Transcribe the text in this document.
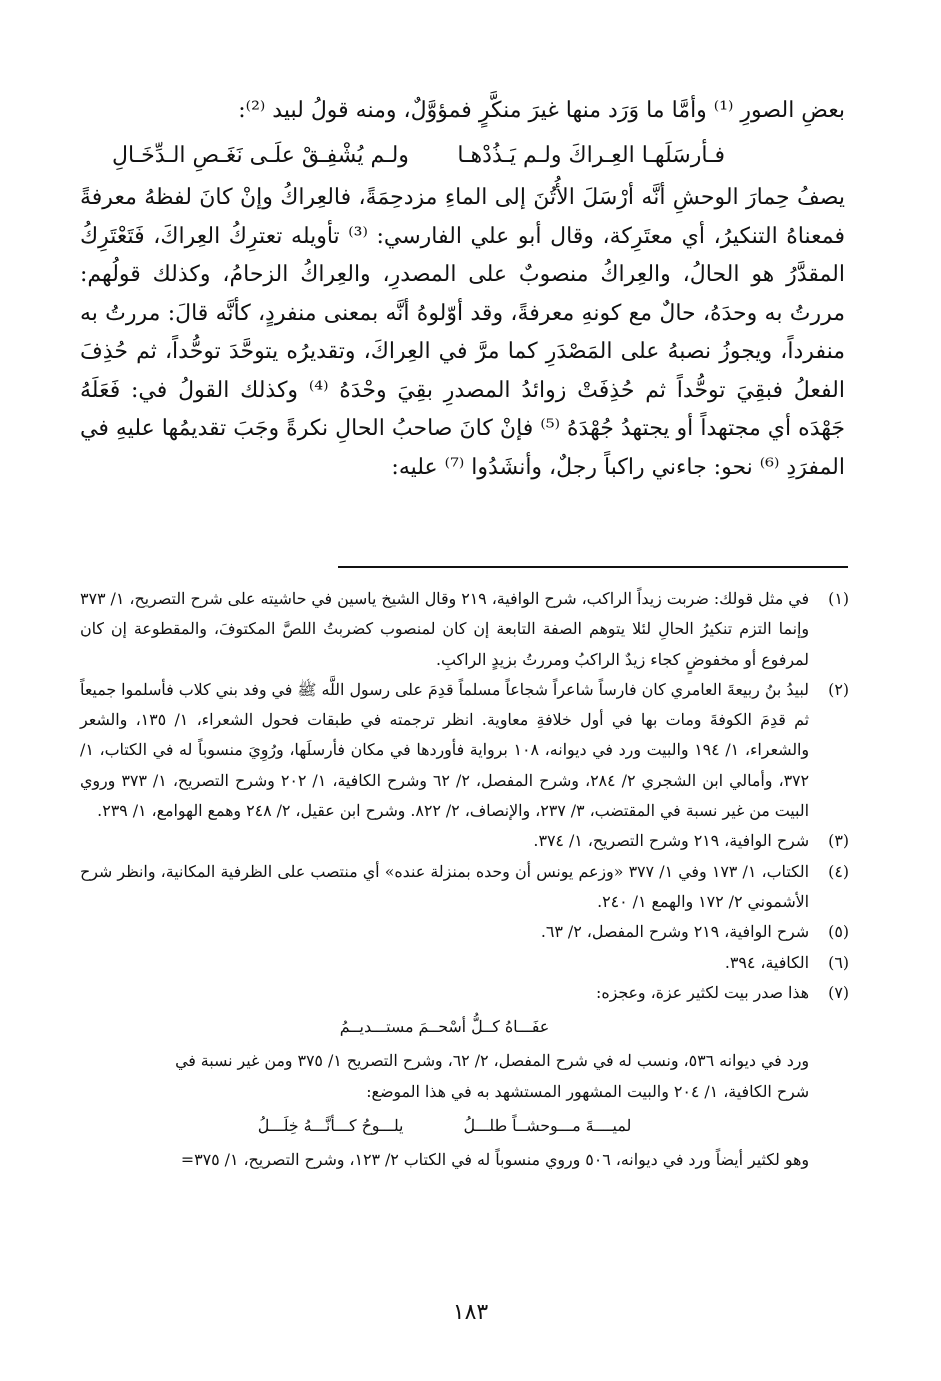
بعضِ الصورِ ⁽¹⁾ وأمَّا ما وَرَد منها غيرَ منكَّرٍ فمؤوَّلٌ، ومنه قولُ لبيد ⁽²⁾:

فـأرسَلَهـا العِـراكَ ولـم يَـذُدْهـا
ولـم يُشْفِـقْ علَـى نَغَـصِ الـدِّخَـالِ

يصفُ حِمارَ الوحشِ أنَّه أرْسَلَ الأُتُنَ إلى الماءِ مزدحِمَةً، فالعِراكُ وإنْ كانَ لفظهُ معرفةً فمعناهُ التنكيرُ، أي معتَرِكة، وقال أبو علي الفارسي: ⁽³⁾ تأويله تعترِكُ العِراكَ، فَتَعْتَرِكُ المقدَّرُ هو الحالُ، والعِراكُ منصوبٌ على المصدرِ، والعِراكُ الزحامُ، وكذلك قولُهم: مررتُ به وحدَهُ، حالٌ مع كونهِ معرفةً، وقد أوّلوهُ أنَّه بمعنى منفردٍ، كأنَّه قالَ: مررتُ به منفرداً، ويجوزُ نصبهُ على المَصْدَرِ كما مرَّ في العِراكَ، وتقديرُه يتوحَّدَ توحُّداً، ثم حُذِفَ الفعلُ فبقِيَ توحُّداً ثم حُذِفَتْ زوائدُ المصدرِ بقِيَ وحْدَهُ ⁽⁴⁾ وكذلك القولُ في: فَعَلَهُ جَهْدَه أي مجتهداً أو يجتهدُ جُهْدَهُ ⁽⁵⁾ فإنْ كانَ صاحبُ الحالِ نكرةً وجَبَ تقديمُها عليهِ في المفرَدِ ⁽⁶⁾ نحو: جاءني راكباً رجلٌ، وأنشَدُوا ⁽⁷⁾ عليه:

(١)
في مثل قولك: ضربت زيداً الراكب، شرح الوافية، ٢١٩ وقال الشيخ ياسين في حاشيته على شرح التصريح، ١/ ٣٧٣ وإنما التزم تنكيرُ الحالِ لئلا يتوهم الصفة التابعة إن كان لمنصوب كضربتُ اللصَّ المكتوفَ، والمقطوعة إن كان لمرفوع أو مخفوضٍ كجاء زيدٌ الراكبُ ومررتُ بزيدٍ الراكبِ.
(٢)
لبيدُ بنُ ربيعةَ العامري كان فارساً شاعراً شجاعاً مسلماً قدِمَ على رسول اللَّه ﷺ في وفد بني كلاب فأسلموا جميعاً ثم قدِمَ الكوفةَ ومات بها في أول خلافةِ معاوية. انظر ترجمته في طبقات فحول الشعراء، ١/ ١٣٥، والشعر والشعراء، ١/ ١٩٤ والبيت ورد في ديوانه، ١٠٨ برواية فأوردها في مكان فأرسلَها، ورُوِيَ منسوباً له في الكتاب، ١/ ٣٧٢، وأمالي ابن الشجري ٢/ ٢٨٤، وشرح المفصل، ٢/ ٦٢ وشرح الكافية، ١/ ٢٠٢ وشرح التصريح، ١/ ٣٧٣ وروي البيت من غير نسبة في المقتضب، ٣/ ٢٣٧، والإنصاف، ٢/ ٨٢٢. وشرح ابن عقيل، ٢/ ٢٤٨ وهمع الهوامع، ١/ ٢٣٩.
(٣)
شرح الوافية، ٢١٩ وشرح التصريح، ١/ ٣٧٤.
(٤)
الكتاب، ١/ ١٧٣ وفي ١/ ٣٧٧ «وزعم يونس أن وحده بمنزلة عنده» أي منتصب على الظرفية المكانية، وانظر شرح الأشموني ٢/ ١٧٢ والهمع ١/ ٢٤٠.
(٥)
شرح الوافية، ٢١٩ وشرح المفصل، ٢/ ٦٣.
(٦)
الكافية، ٣٩٤.
(٧)
هذا صدر بيت لكثير عزة، وعجزه:
عفَـــاهُ كــلُّ أسْحــمَ مستـــديــمُ
ورد في ديوانه ٥٣٦، ونسب له في شرح المفصل، ٢/ ٦٢، وشرح التصريح ١/ ٣٧٥ ومن غير نسبة في
شرح الكافية، ١/ ٢٠٤ والبيت المشهور المستشهد به في هذا الموضع:
لميــــةَ مـــوحشــاً طلـــلُ
يلـــوحُ كـــأنَّـــهُ خِلَـــلُ
وهو لكثير أيضاً ورد في ديوانه، ٥٠٦ وروي منسوباً له في الكتاب ٢/ ١٢٣، وشرح التصريح، ١/ ٣٧٥=
١٨٣
